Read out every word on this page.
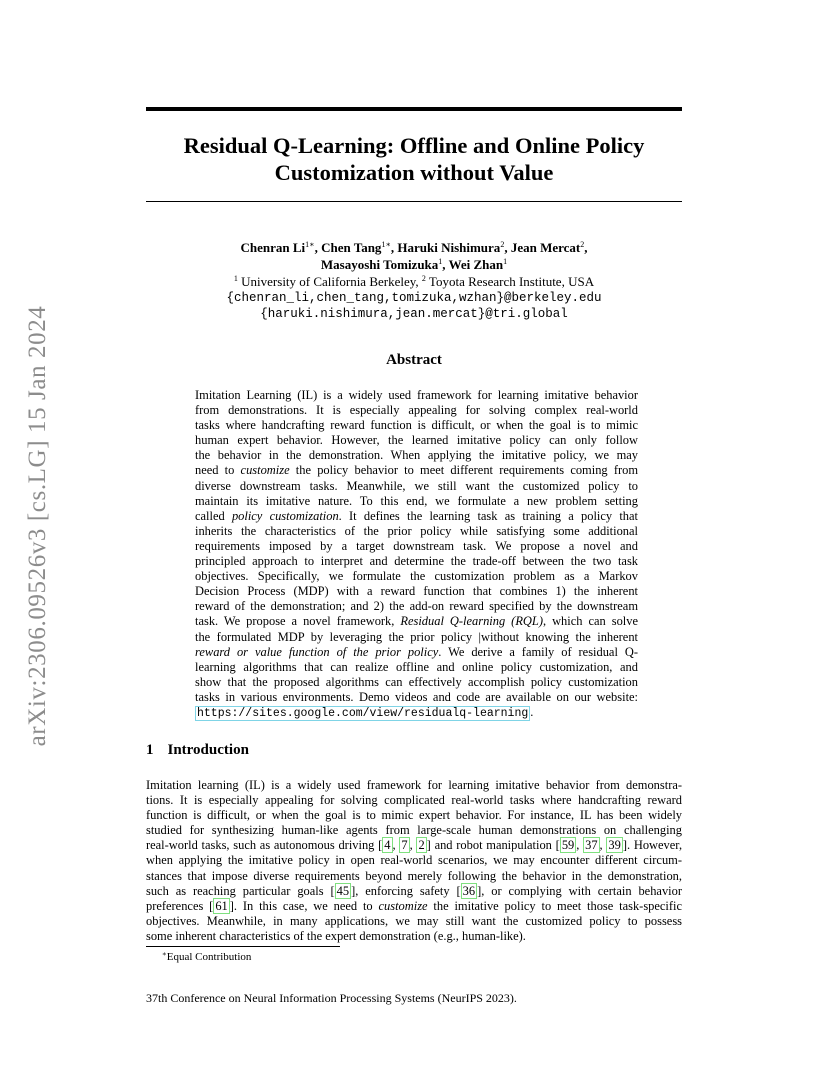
arXiv:2306.09526v3 [cs.LG] 15 Jan 2024
Residual Q-Learning: Offline and Online Policy
Customization without Value
Chenran $Li^{1∗}$, Chen Tang$^{1∗}$, Haruki Nishimura$^2$, Jean Mercat$^2$,
Masayoshi Tomizuka$^1$, Wei Zhan$^1$
$^1$ University of California Berkeley, $^2$ Toyota Research Institute, USA
{chenran_li,chen_tang,tomizuka,wzhan}@berkeley.edu
{haruki.nishimura,jean.mercat}@tri.global
Abstract
Imitation Learning (IL) is a widely used framework for learning imitative behavior
from demonstrations. It is especially appealing for solving complex real-world
tasks where handcrafting reward function is difficult, or when the goal is to mimic
human expert behavior. However, the learned imitative policy can only follow
the behavior in the demonstration. When applying the imitative policy, we may
need to customize the policy behavior to meet different requirements coming from
diverse downstream tasks. Meanwhile, we still want the customized policy to
maintain its imitative nature. To this end, we formulate a new problem setting
called policy customization. It defines the learning task as training a policy that
inherits the characteristics of the prior policy while satisfying some additional
requirements imposed by a target downstream task. We propose a novel and
principled approach to interpret and determine the trade-off between the two task
objectives. Specifically, we formulate the customization problem as a Markov
Decision Process (MDP) with a reward function that combines 1) the inherent
reward of the demonstration; and 2) the add-on reward specified by the downstream
task. We propose a novel framework, Residual Q-learning (RQL), which can solve
the formulated MDP by leveraging the prior policy |without knowing the inherent
reward or value function of the prior policy. We derive a family of residual Q-
learning algorithms that can realize offline and online policy customization, and
show that the proposed algorithms can effectively accomplish policy customization
tasks in various environments. Demo videos and code are available on our website:
https://sites.google.com/view/residualq-learning .
1 Introduction
Imitation learning (IL) is a widely used framework for learning imitative behavior from demonstra-
tions. It is especially appealing for solving complicated real-world tasks where handcrafting reward
function is difficult, or when the goal is to mimic expert behavior. For instance, IL has been widely
studied for synthesizing human-like agents from large-scale human demonstrations on challenging
real-world tasks, such as autonomous driving [ 4 , 7 , 2 ] and robot manipulation [ 59 , 37 , 39 ]. However,
when applying the imitative policy in open real-world scenarios, we may encounter different circum-
stances that impose diverse requirements beyond merely following the behavior in the demonstration,
such as reaching particular goals [ 45 ], enforcing safety [ 36 ], or complying with certain behavior
preferences [ 61 ]. In this case, we need to customize the imitative policy to meet those task-specific
objectives. Meanwhile, in many applications, we may still want the customized policy to possess
some inherent characteristics of the expert demonstration (e.g., human-like).
∗Equal Contribution
37th Conference on Neural Information Processing Systems (NeurIPS 2023).
